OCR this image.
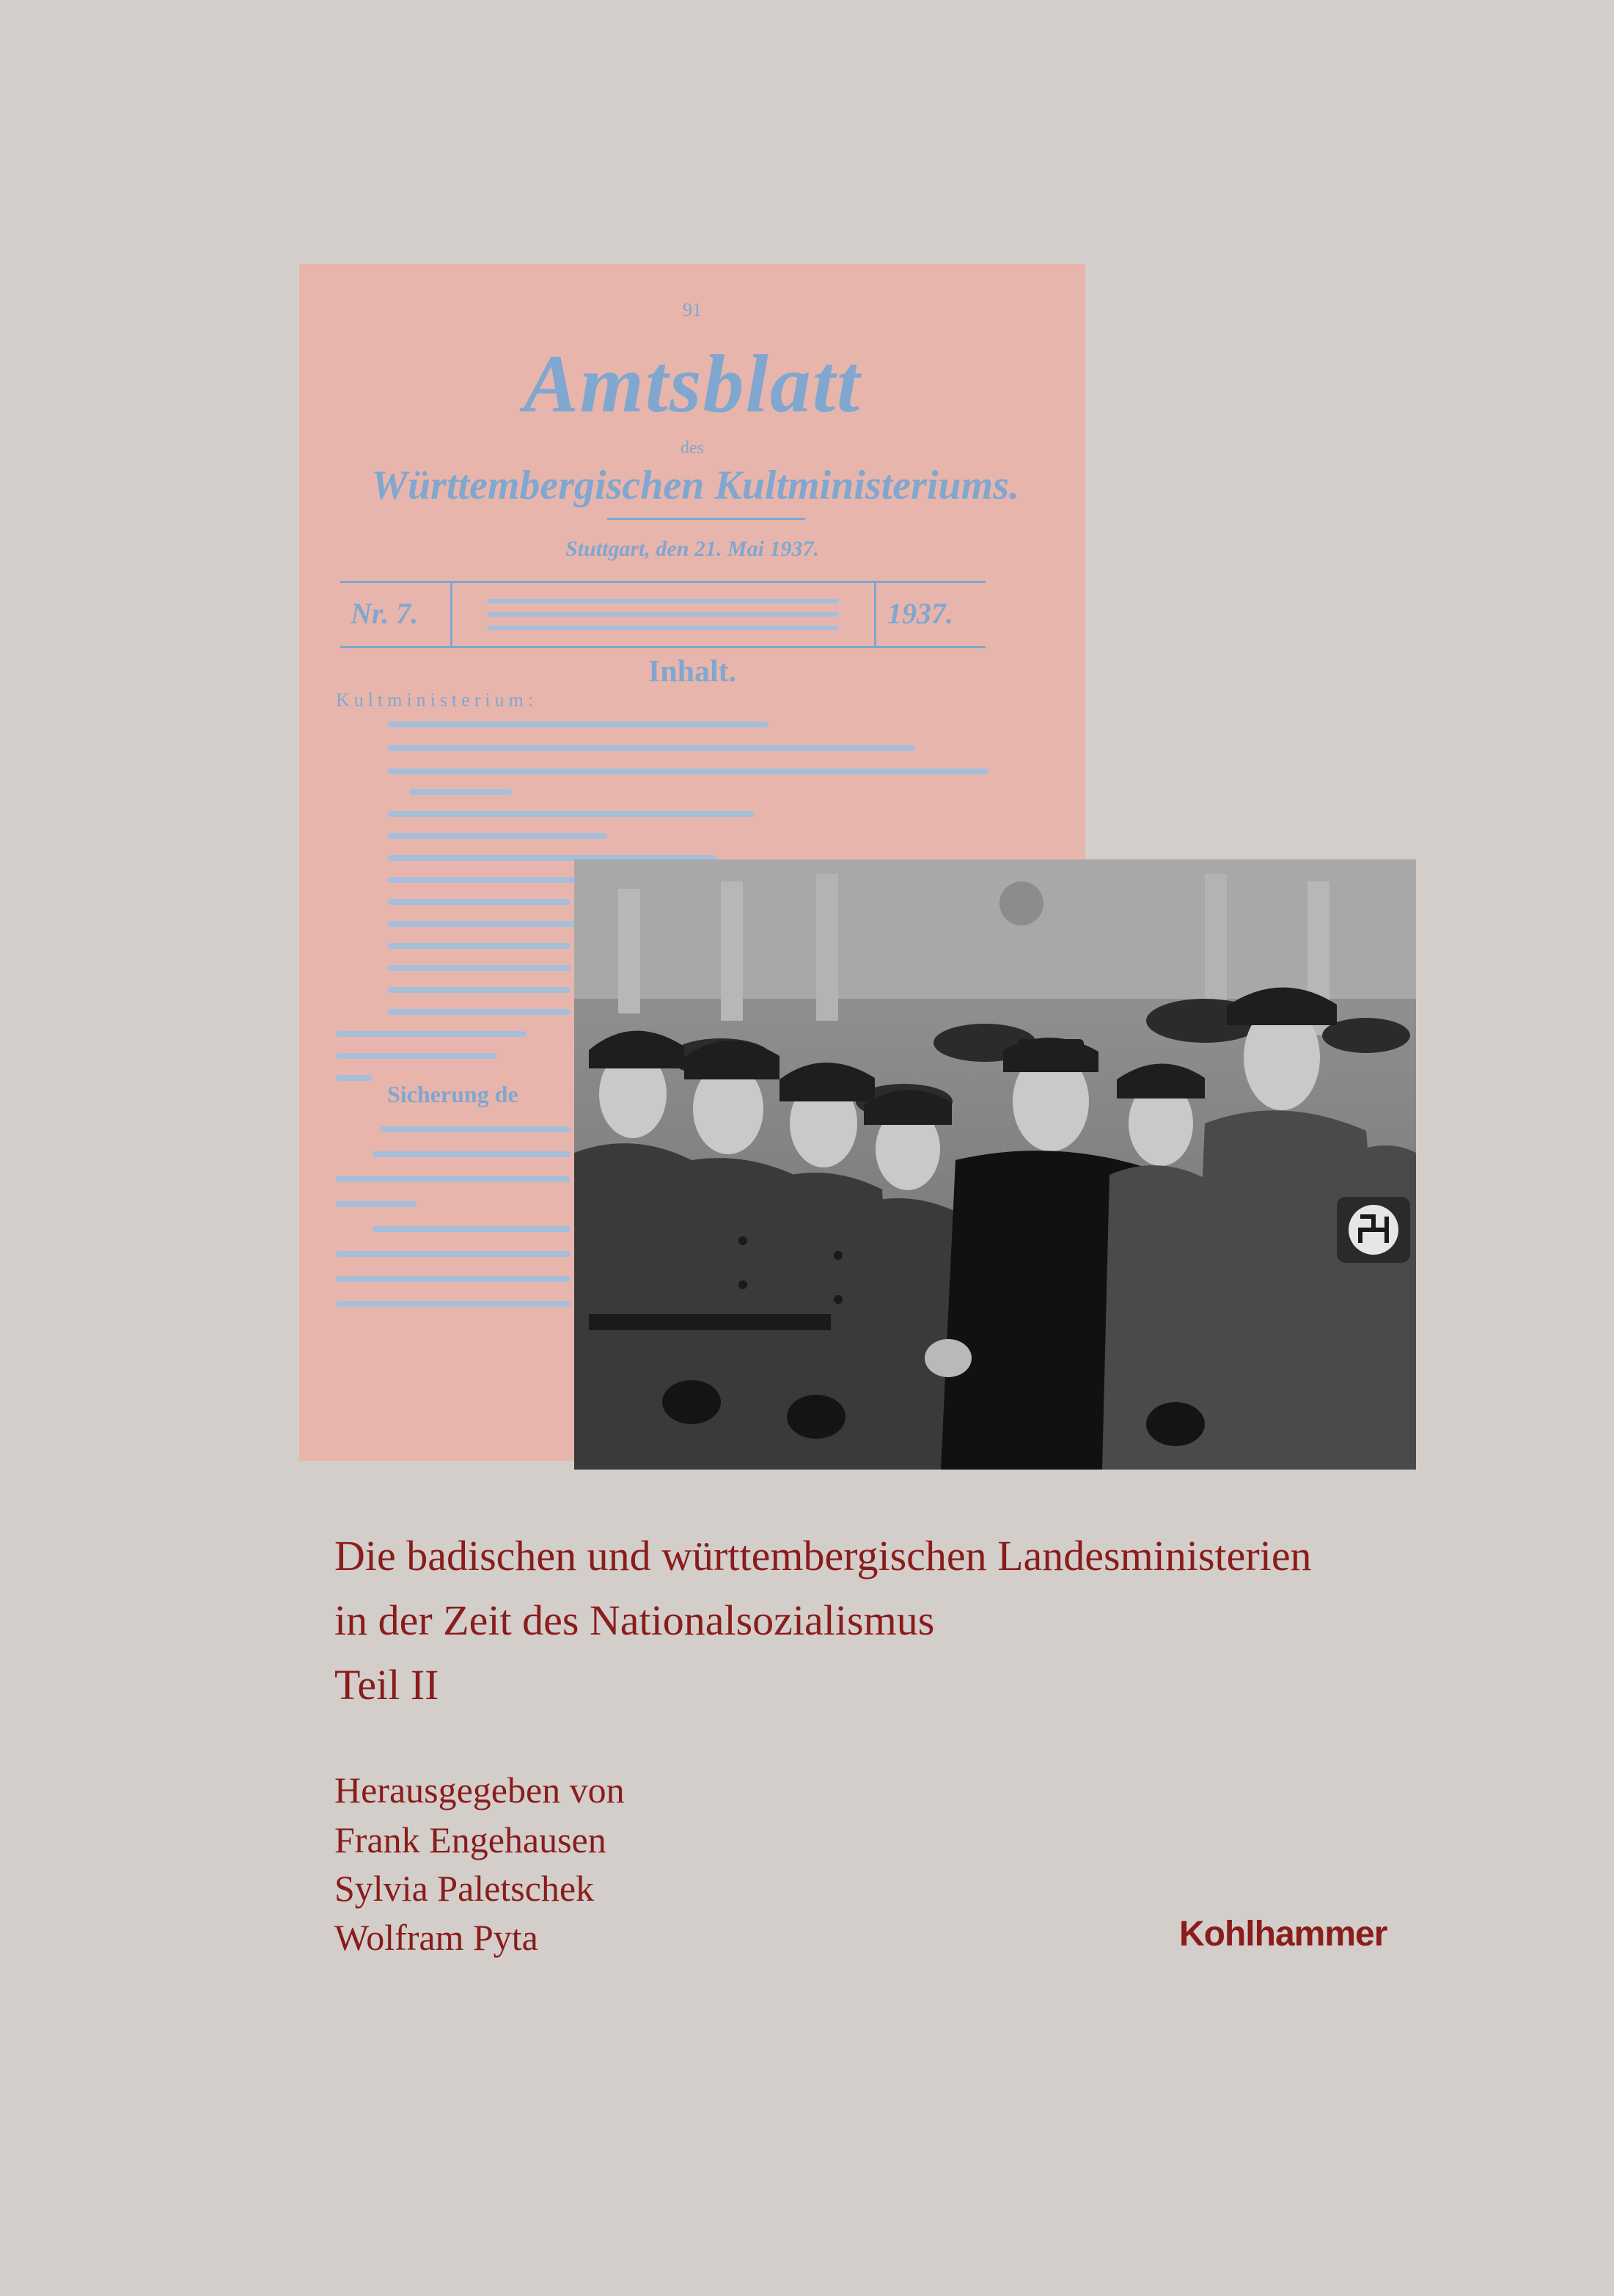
91
Amtsblatt
des
Württembergischen Kultministeriums.
Stuttgart, den 21. Mai 1937.
Nr. 7.	1937.
Inhalt.
Kultministerium:
Sicherung de
Die badischen und württembergischen Landesministerien
in der Zeit des Nationalsozialismus
Teil II
Herausgegeben von
Frank Engehausen
Sylvia Paletschek
Wolfram Pyta	Kohlhammer
